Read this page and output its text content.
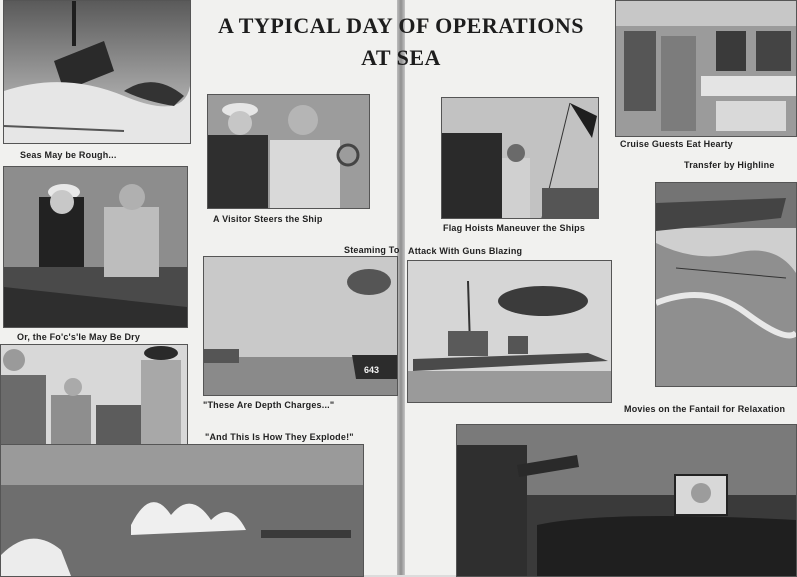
A TYPICAL DAY OF OPERATIONS
AT SEA
Seas May be Rough...
Or, the Fo'c's'le May Be Dry
"And This Is How They Explode!"
A Visitor Steers the Ship
Flag Hoists Maneuver the Ships
Cruise Guests Eat Hearty
Transfer by Highline
Steaming To Attack With Guns Blazing
643
"These Are Depth Charges..."	Movies on the Fantail for Relaxation
